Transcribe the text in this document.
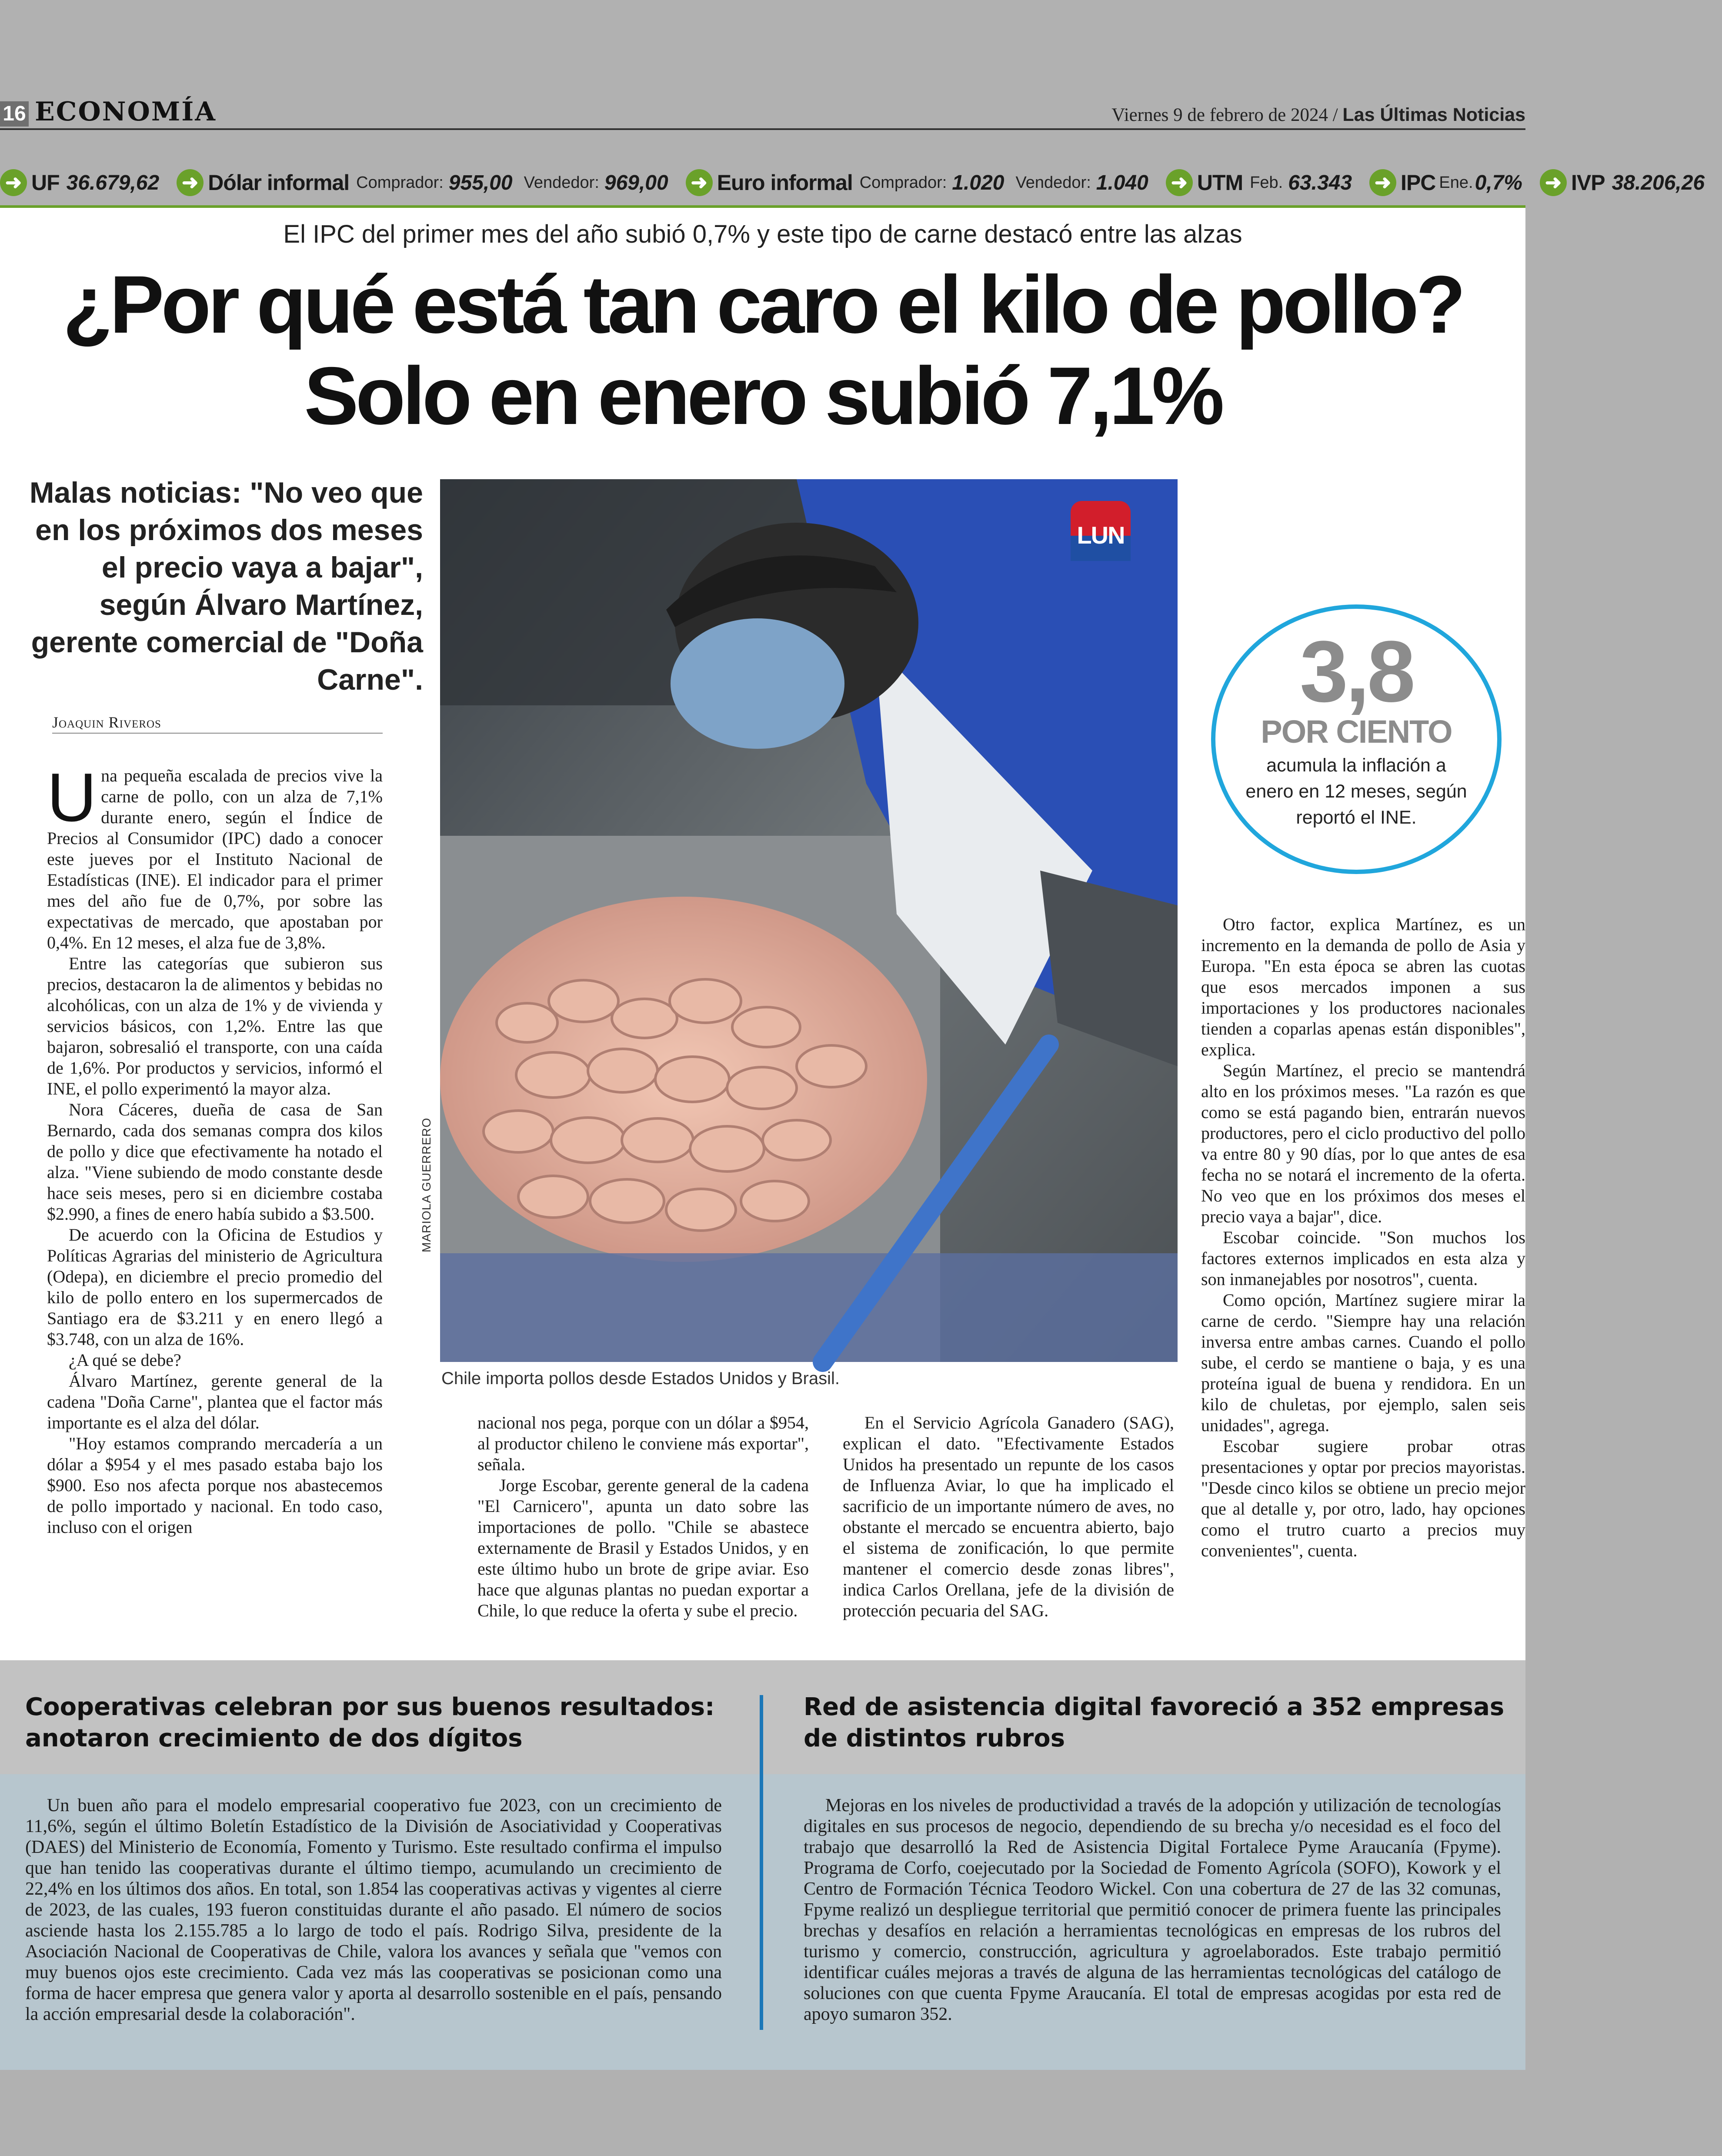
16 ECONOMÍA	Viernes 9 de febrero de 2024 / Las Últimas Noticias
➜ UF 36.679,62 ➜ Dólar informal Comprador: 955,00 Vendedor: 969,00 ➜ Euro informal Comprador: 1.020 Vendedor: 1.040 ➜ UTM Feb. 63.343 ➜ IPC Ene. 0,7% ➜ IVP 38.206,26
El IPC del primer mes del año subió 0,7% y este tipo de carne destacó entre las alzas
¿Por qué está tan caro el kilo de pollo?
Solo en enero subió 7,1%
Malas noticias: "No veo que en los próximos dos meses el precio vaya a bajar", según Álvaro Martínez, gerente comercial de "Doña Carne".
Joaquin Riveros
LUN
MARIOLA GUERRERO
Chile importa pollos desde Estados Unidos y Brasil.
3,8
POR CIENTO
acumula la inflación a enero en 12 meses, según reportó el INE.

Una pequeña escalada de precios vive la carne de pollo, con un alza de 7,1% durante enero, según el Índice de Precios al Consumidor (IPC) dado a conocer este jueves por el Instituto Nacional de Estadísticas (INE). El indicador para el primer mes del año fue de 0,7%, por sobre las expectativas de mercado, que apostaban por 0,4%. En 12 meses, el alza fue de 3,8%.

Entre las categorías que subieron sus precios, destacaron la de alimentos y bebidas no alcohólicas, con un alza de 1% y de vivienda y servicios básicos, con 1,2%. Entre las que bajaron, sobresalió el transporte, con una caída de 1,6%. Por productos y servicios, informó el INE, el pollo experimentó la mayor alza.

Nora Cáceres, dueña de casa de San Bernardo, cada dos semanas compra dos kilos de pollo y dice que efectivamente ha notado el alza. "Viene subiendo de modo constante desde hace seis meses, pero si en diciembre costaba $2.990, a fines de enero había subido a $3.500.

De acuerdo con la Oficina de Estudios y Políticas Agrarias del ministerio de Agricultura (Odepa), en diciembre el precio promedio del kilo de pollo entero en los supermercados de Santiago era de $3.211 y en enero llegó a $3.748, con un alza de 16%.

¿A qué se debe?

Álvaro Martínez, gerente general de la cadena "Doña Carne", plantea que el factor más importante es el alza del dólar.

"Hoy estamos comprando mercadería a un dólar a $954 y el mes pasado estaba bajo los $900. Eso nos afecta porque nos abastecemos de pollo importado y nacional. En todo caso, incluso con el origen

nacional nos pega, porque con un dólar a $954, al productor chileno le conviene más exportar", señala.

Jorge Escobar, gerente general de la cadena "El Carnicero", apunta un dato sobre las importaciones de pollo. "Chile se abastece externamente de Brasil y Estados Unidos, y en este último hubo un brote de gripe aviar. Eso hace que algunas plantas no puedan exportar a Chile, lo que reduce la oferta y sube el precio.

En el Servicio Agrícola Ganadero (SAG), explican el dato. "Efectivamente Estados Unidos ha presentado un repunte de los casos de Influenza Aviar, lo que ha implicado el sacrificio de un importante número de aves, no obstante el mercado se encuentra abierto, bajo el sistema de zonificación, lo que permite mantener el comercio desde zonas libres", indica Carlos Orellana, jefe de la división de protección pecuaria del SAG.

Otro factor, explica Martínez, es un incremento en la demanda de pollo de Asia y Europa. "En esta época se abren las cuotas que esos mercados imponen a sus importaciones y los productores nacionales tienden a coparlas apenas están disponibles", explica.

Según Martínez, el precio se mantendrá alto en los próximos meses. "La razón es que como se está pagando bien, entrarán nuevos productores, pero el ciclo productivo del pollo va entre 80 y 90 días, por lo que antes de esa fecha no se notará el incremento de la oferta. No veo que en los próximos dos meses el precio vaya a bajar", dice.

Escobar coincide. "Son muchos los factores externos implicados en esta alza y son inmanejables por nosotros", cuenta.

Como opción, Martínez sugiere mirar la carne de cerdo. "Siempre hay una relación inversa entre ambas carnes. Cuando el pollo sube, el cerdo se mantiene o baja, y es una proteína igual de buena y rendidora. En un kilo de chuletas, por ejemplo, salen seis unidades", agrega.

Escobar sugiere probar otras presentaciones y optar por precios mayoristas. "Desde cinco kilos se obtiene un precio mejor que al detalle y, por otro, lado, hay opciones como el trutro cuarto a precios muy convenientes", cuenta.

Cooperativas celebran por sus buenos resultados: anotaron crecimiento de dos dígitos
Red de asistencia digital favoreció a 352 empresas de distintos rubros

Un buen año para el modelo empresarial cooperativo fue 2023, con un crecimiento de 11,6%, según el último Boletín Estadístico de la División de Asociatividad y Cooperativas (DAES) del Ministerio de Economía, Fomento y Turismo. Este resultado confirma el impulso que han tenido las cooperativas durante el último tiempo, acumulando un crecimiento de 22,4% en los últimos dos años. En total, son 1.854 las cooperativas activas y vigentes al cierre de 2023, de las cuales, 193 fueron constituidas durante el año pasado. El número de socios asciende hasta los 2.155.785 a lo largo de todo el país. Rodrigo Silva, presidente de la Asociación Nacional de Cooperativas de Chile, valora los avances y señala que "vemos con muy buenos ojos este crecimiento. Cada vez más las cooperativas se posicionan como una forma de hacer empresa que genera valor y aporta al desarrollo sostenible en el país, pensando la acción empresarial desde la colaboración".

Mejoras en los niveles de productividad a través de la adopción y utilización de tecnologías digitales en sus procesos de negocio, dependiendo de su brecha y/o necesidad es el foco del trabajo que desarrolló la Red de Asistencia Digital Fortalece Pyme Araucanía (Fpyme). Programa de Corfo, coejecutado por la Sociedad de Fomento Agrícola (SOFO), Kowork y el Centro de Formación Técnica Teodoro Wickel. Con una cobertura de 27 de las 32 comunas, Fpyme realizó un despliegue territorial que permitió conocer de primera fuente las principales brechas y desafíos en relación a herramientas tecnológicas en empresas de los rubros del turismo y comercio, construcción, agricultura y agroelaborados. Este trabajo permitió identificar cuáles mejoras a través de alguna de las herramientas tecnológicas del catálogo de soluciones con que cuenta Fpyme Araucanía. El total de empresas acogidas por esta red de apoyo sumaron 352.
